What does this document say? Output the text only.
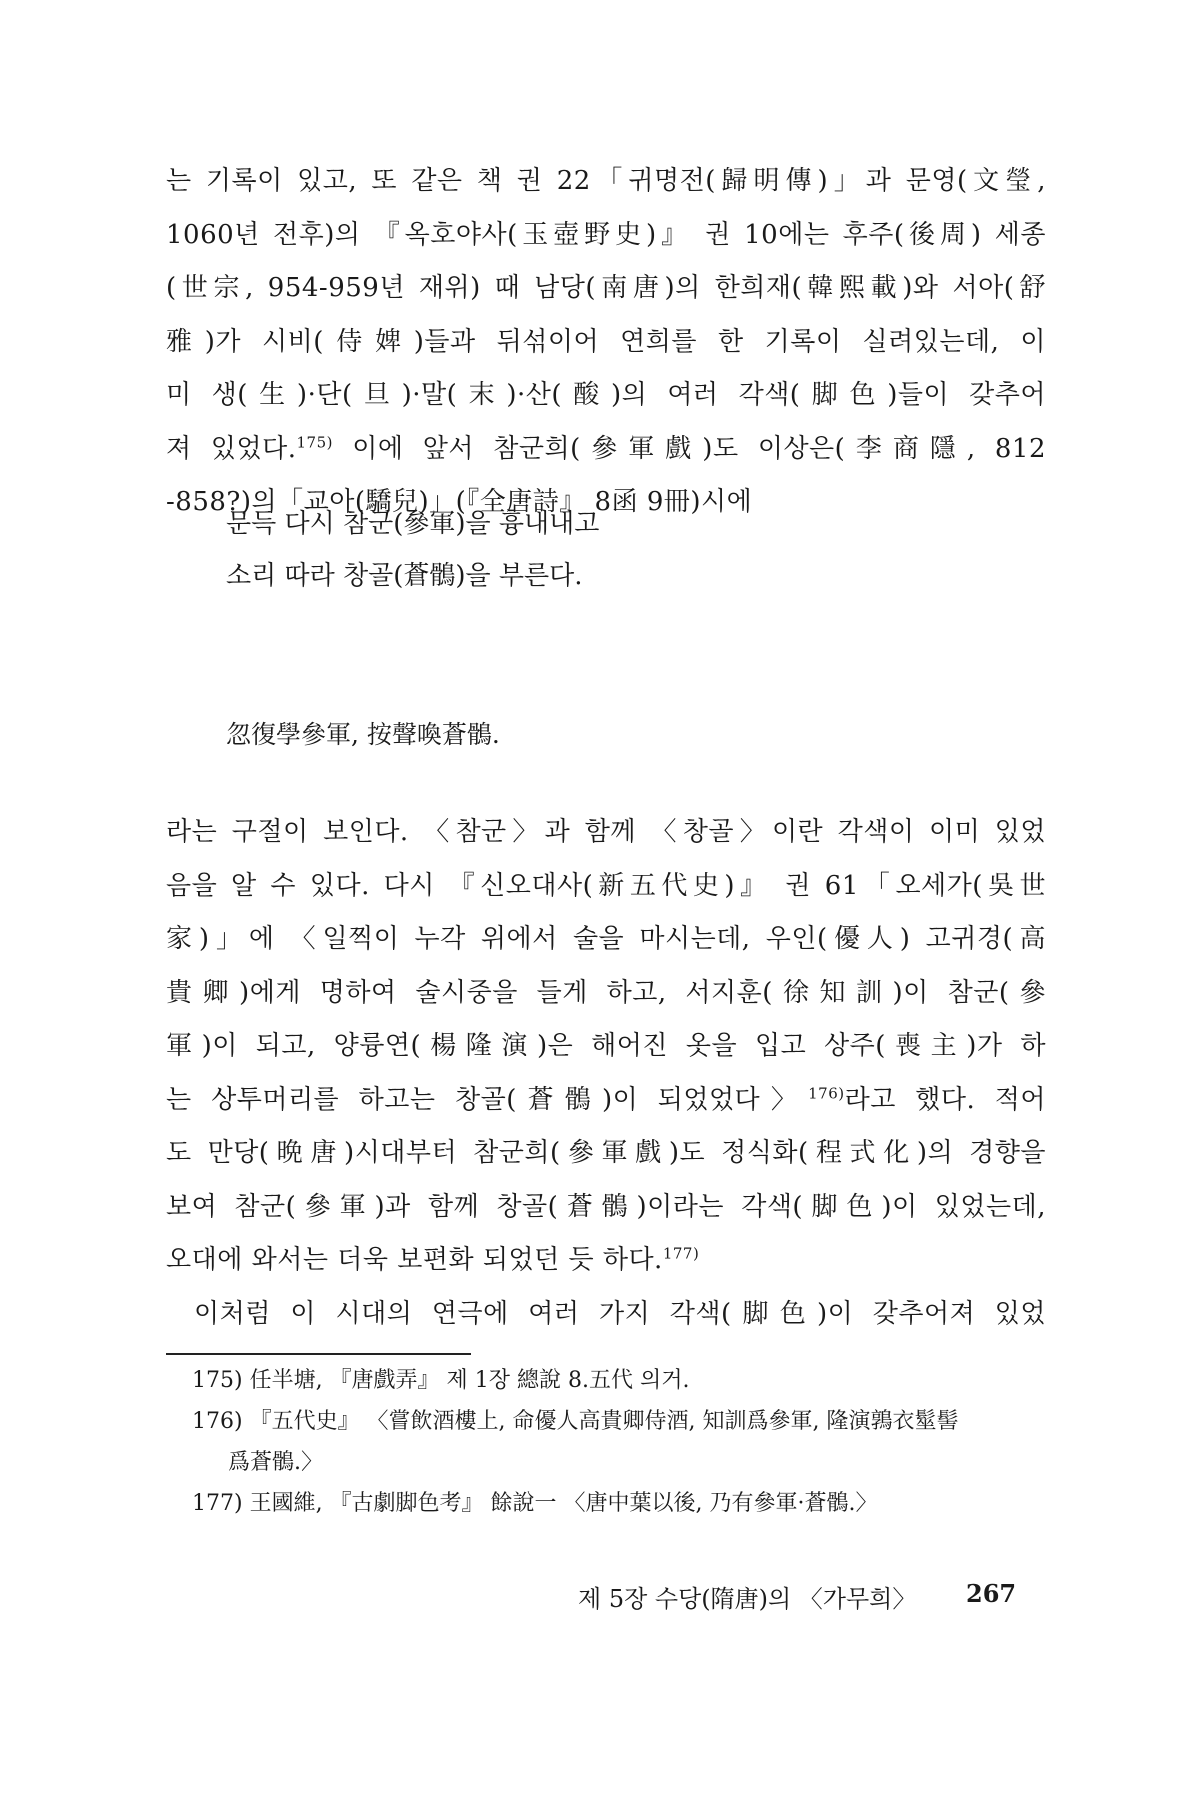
는 기록이 있고, 또 같은 책 권 22「귀명전(歸明傳)」과 문영(文瑩,
1060년 전후)의 『옥호야사(玉壺野史)』 권 10에는 후주(後周) 세종
(世宗, 954-959년 재위) 때 남당(南唐)의 한희재(韓熙載)와 서아(舒
雅)가 시비(侍婢)들과 뒤섞이어 연희를 한 기록이 실려있는데, 이
미 생(生)·단(旦)·말(末)·산(酸)의 여러 각색(脚色)들이 갖추어
져 있었다.$^{175)}$ 이에 앞서 참군희(參軍戲)도 이상은(李商隱, 812
-858?)의「교아(驕兒)」(『全唐詩』 8函 9冊)시에
문득 다시 참군(參軍)을 흉내내고
소리 따라 창골(蒼鶻)을 부른다.
忽復學參軍, 按聲喚蒼鶻.
라는 구절이 보인다. 〈참군〉과 함께 〈창골〉이란 각색이 이미 있었
음을 알 수 있다. 다시 『신오대사(新五代史)』 권 61「오세가(吳世
家)」에 〈일찍이 누각 위에서 술을 마시는데, 우인(優人) 고귀경(高
貴卿)에게 명하여 술시중을 들게 하고, 서지훈(徐知訓)이 참군(參
軍)이 되고, 양륭연(楊隆演)은 해어진 옷을 입고 상주(喪主)가 하
는 상투머리를 하고는 창골(蒼鶻)이 되었었다〉$^{176)}$라고 했다. 적어
도 만당(晩唐)시대부터 참군희(參軍戲)도 정식화(程式化)의 경향을
보여 참군(參軍)과 함께 창골(蒼鶻)이라는 각색(脚色)이 있었는데,
오대에 와서는 더욱 보편화 되었던 듯 하다.$^{177)}$
이처럼 이 시대의 연극에 여러 가지 각색(脚色)이 갖추어져 있었
175) 任半塘, 『唐戲弄』 제 1장 總說 8.五代 의거.
176) 『五代史』 〈嘗飲酒樓上, 命優人高貴卿侍酒, 知訓爲參軍, 隆演鶉衣髽髻
爲蒼鶻.〉
177) 王國維, 『古劇脚色考』 餘說一 〈唐中葉以後, 乃有參軍·蒼鶻.〉
제 5장 수당(隋唐)의 〈가무희〉 267
